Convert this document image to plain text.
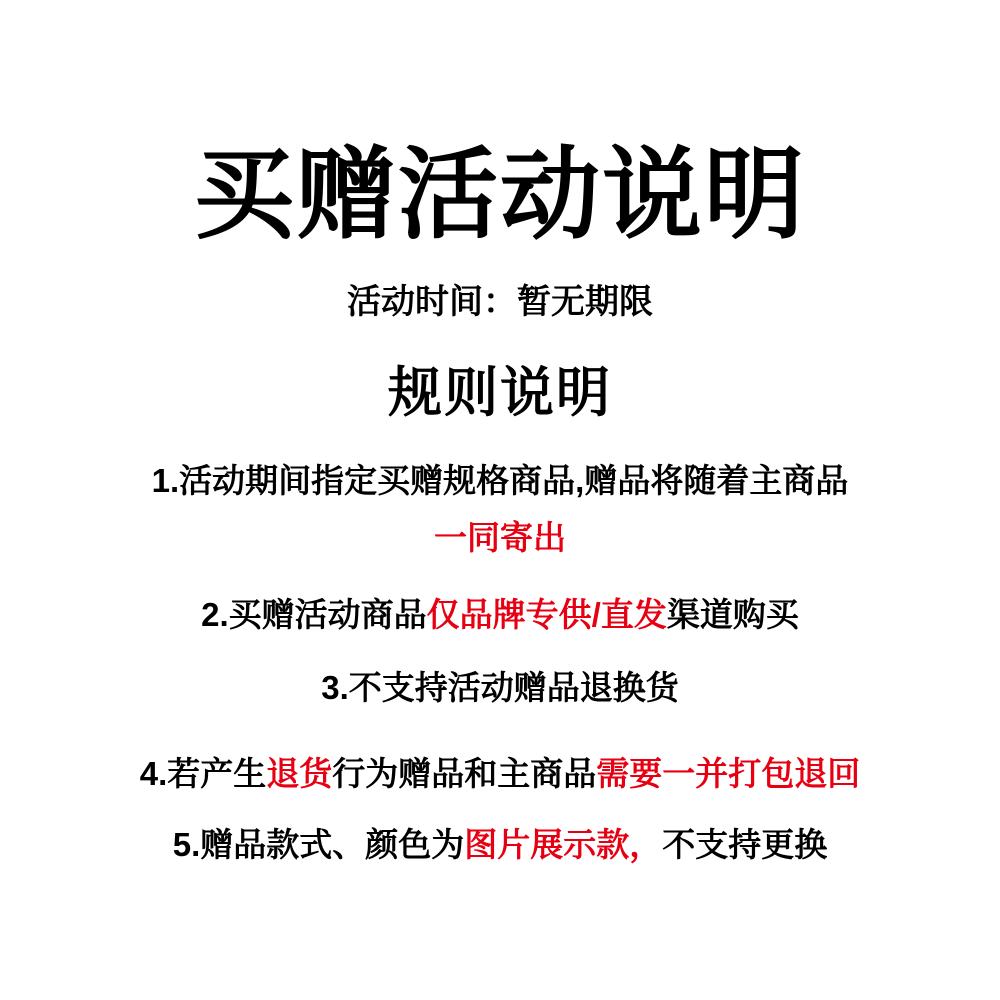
买赠活动说明
活动时间：暂无期限
规则说明

1.活动期间指定买赠规格商品,赠品将随着主商品
一同寄出

2.买赠活动商品仅品牌专供/直发渠道购买

3.不支持活动赠品退换货

4.若产生退货行为赠品和主商品需要一并打包退回

5.赠品款式、颜色为图片展示款，不支持更换
